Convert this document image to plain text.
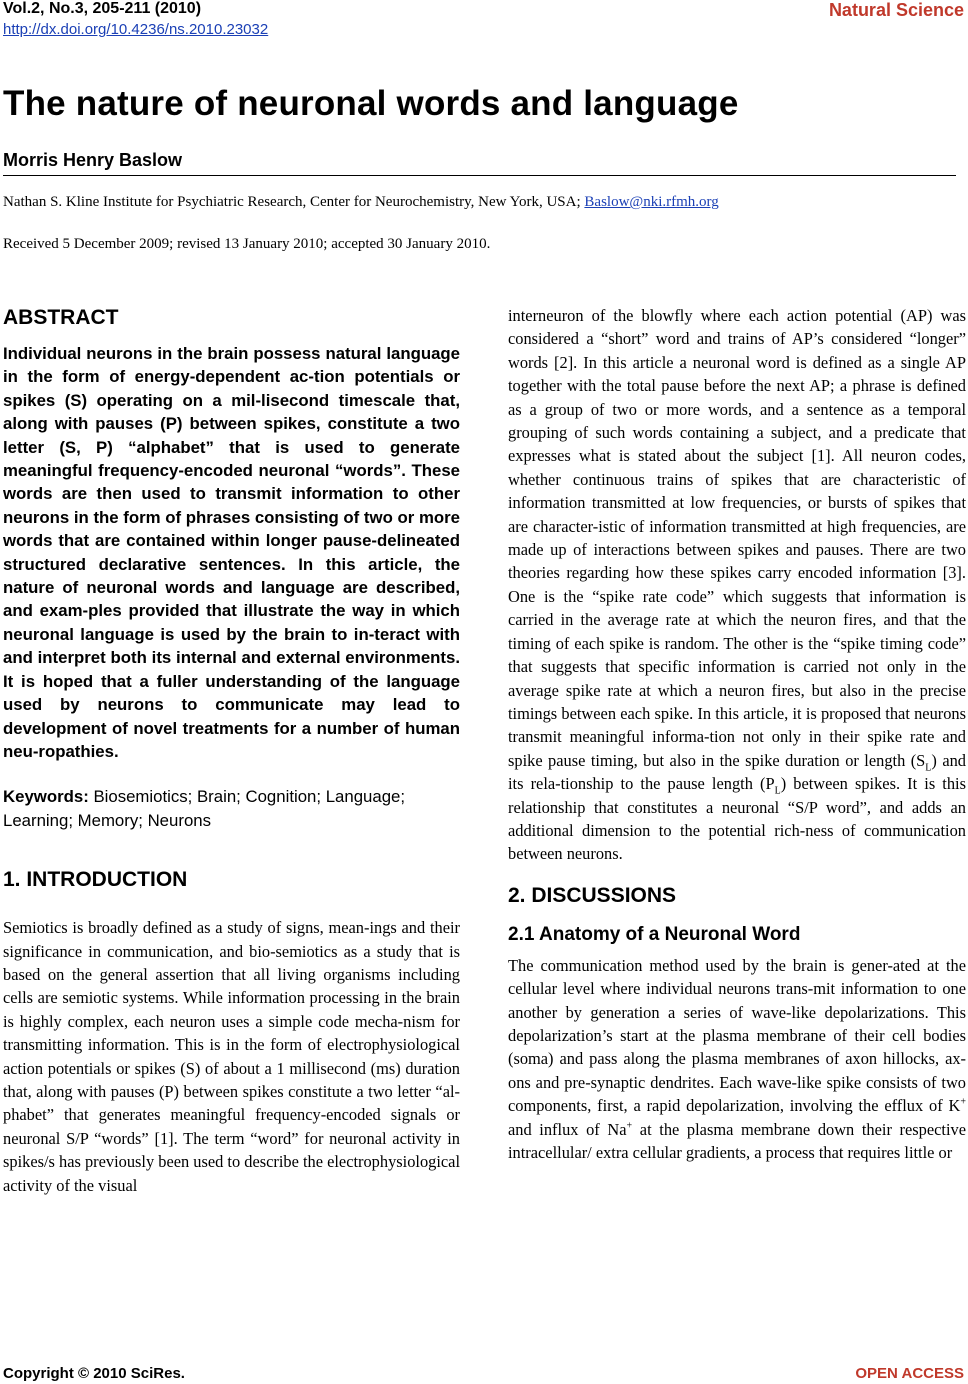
Vol.2, No.3, 205-211 (2010)
http://dx.doi.org/10.4236/ns.2010.23032
Natural Science
The nature of neuronal words and language
Morris Henry Baslow
Nathan S. Kline Institute for Psychiatric Research, Center for Neurochemistry, New York, USA; Baslow@nki.rfmh.org
Received 5 December 2009; revised 13 January 2010; accepted 30 January 2010.
ABSTRACT

Individual neurons in the brain possess natural language in the form of energy-dependent ac-tion potentials or spikes (S) operating on a mil-lisecond timescale that, along with pauses (P) between spikes, constitute a two letter (S, P) “alphabet” that is used to generate meaningful frequency-encoded neuronal “words”. These words are then used to transmit information to other neurons in the form of phrases consisting of two or more words that are contained within longer pause-delineated structured declarative sentences. In this article, the nature of neuronal words and language are described, and exam-ples provided that illustrate the way in which neuronal language is used by the brain to in-teract with and interpret both its internal and external environments. It is hoped that a fuller understanding of the language used by neurons to communicate may lead to development of novel treatments for a number of human neu-ropathies.

Keywords: Biosemiotics; Brain; Cognition; Language; Learning; Memory; Neurons

1. INTRODUCTION

Semiotics is broadly defined as a study of signs, mean-ings and their significance in communication, and bio-semiotics as a study that is based on the general assertion that all living organisms including cells are semiotic systems. While information processing in the brain is highly complex, each neuron uses a simple code mecha-nism for transmitting information. This is in the form of electrophysiological action potentials or spikes (S) of about a 1 millisecond (ms) duration that, along with pauses (P) between spikes constitute a two letter “al-phabet” that generates meaningful frequency-encoded signals or neuronal S/P “words” [1]. The term “word” for neuronal activity in spikes/s has previously been used to describe the electrophysiological activity of the visual

interneuron of the blowfly where each action potential (AP) was considered a “short” word and trains of AP’s considered “longer” words [2]. In this article a neuronal word is defined as a single AP together with the total pause before the next AP; a phrase is defined as a group of two or more words, and a sentence as a temporal grouping of such words containing a subject, and a predicate that expresses what is stated about the subject [1]. All neuron codes, whether continuous trains of spikes that are characteristic of information transmitted at low frequencies, or bursts of spikes that are character-istic of information transmitted at high frequencies, are made up of interactions between spikes and pauses. There are two theories regarding how these spikes carry encoded information [3]. One is the “spike rate code” which suggests that information is carried in the average rate at which the neuron fires, and that the timing of each spike is random. The other is the “spike timing code” that suggests that specific information is carried not only in the average spike rate at which a neuron fires, but also in the precise timings between each spike. In this article, it is proposed that neurons transmit meaningful informa-tion not only in their spike rate and spike pause timing, but also in the spike duration or length $(S_L)$ and its rela-tionship to the pause length $(P_L)$ between spikes. It is this relationship that constitutes a neuronal “S/P word”, and adds an additional dimension to the potential rich-ness of communication between neurons.

2. DISCUSSIONS
2.1 Anatomy of a Neuronal Word

The communication method used by the brain is gener-ated at the cellular level where individual neurons trans-mit information to one another by generation a series of wave-like depolarizations. This depolarization’s start at the plasma membrane of their cell bodies (soma) and pass along the plasma membranes of axon hillocks, ax-ons and pre-synaptic dendrites. Each wave-like spike consists of two components, first, a rapid depolarization, involving the efflux of K+ and influx of Na+ at the plasma membrane down their respective intracellular/ extra cellular gradients, a process that requires little or

Copyright © 2010 SciRes.	OPEN ACCESS
